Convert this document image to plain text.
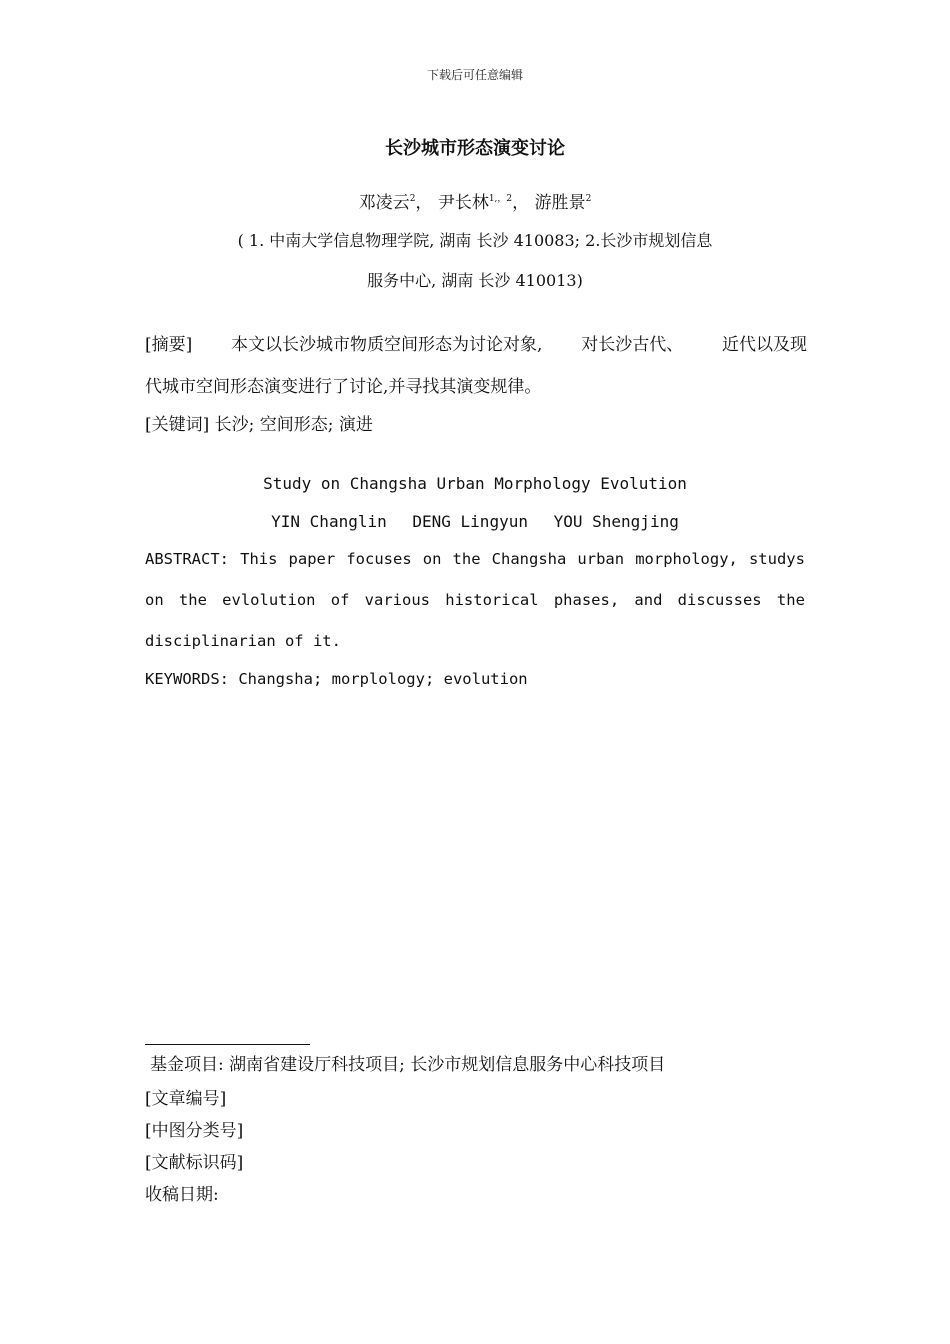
下载后可任意编辑
长沙城市形态演变讨论
邓凌云$^2$， 尹长林$^{1,,2}$， 游胜景$^2$
( 1. 中南大学信息物理学院, 湖南 长沙 410083; 2.长沙市规划信息
服务中心, 湖南 长沙 410013)
[摘要] 本文以长沙城市物质空间形态为讨论对象, 对长沙古代、 近代以及现
代城市空间形态演变进行了讨论,并寻找其演变规律。
[关键词] 长沙; 空间形态; 演进
Study on Changsha Urban Morphology Evolution
YIN Changlin DENG Lingyun YOU Shengjing
ABSTRACT: This paper focuses on the Changsha urban morphology, studys
on the evlolution of various historical phases, and discusses the
disciplinarian of it.
KEYWORDS: Changsha; morplology; evolution
基金项目: 湖南省建设厅科技项目; 长沙市规划信息服务中心科技项目
[文章编号]
[中图分类号]
[文献标识码]
收稿日期:
